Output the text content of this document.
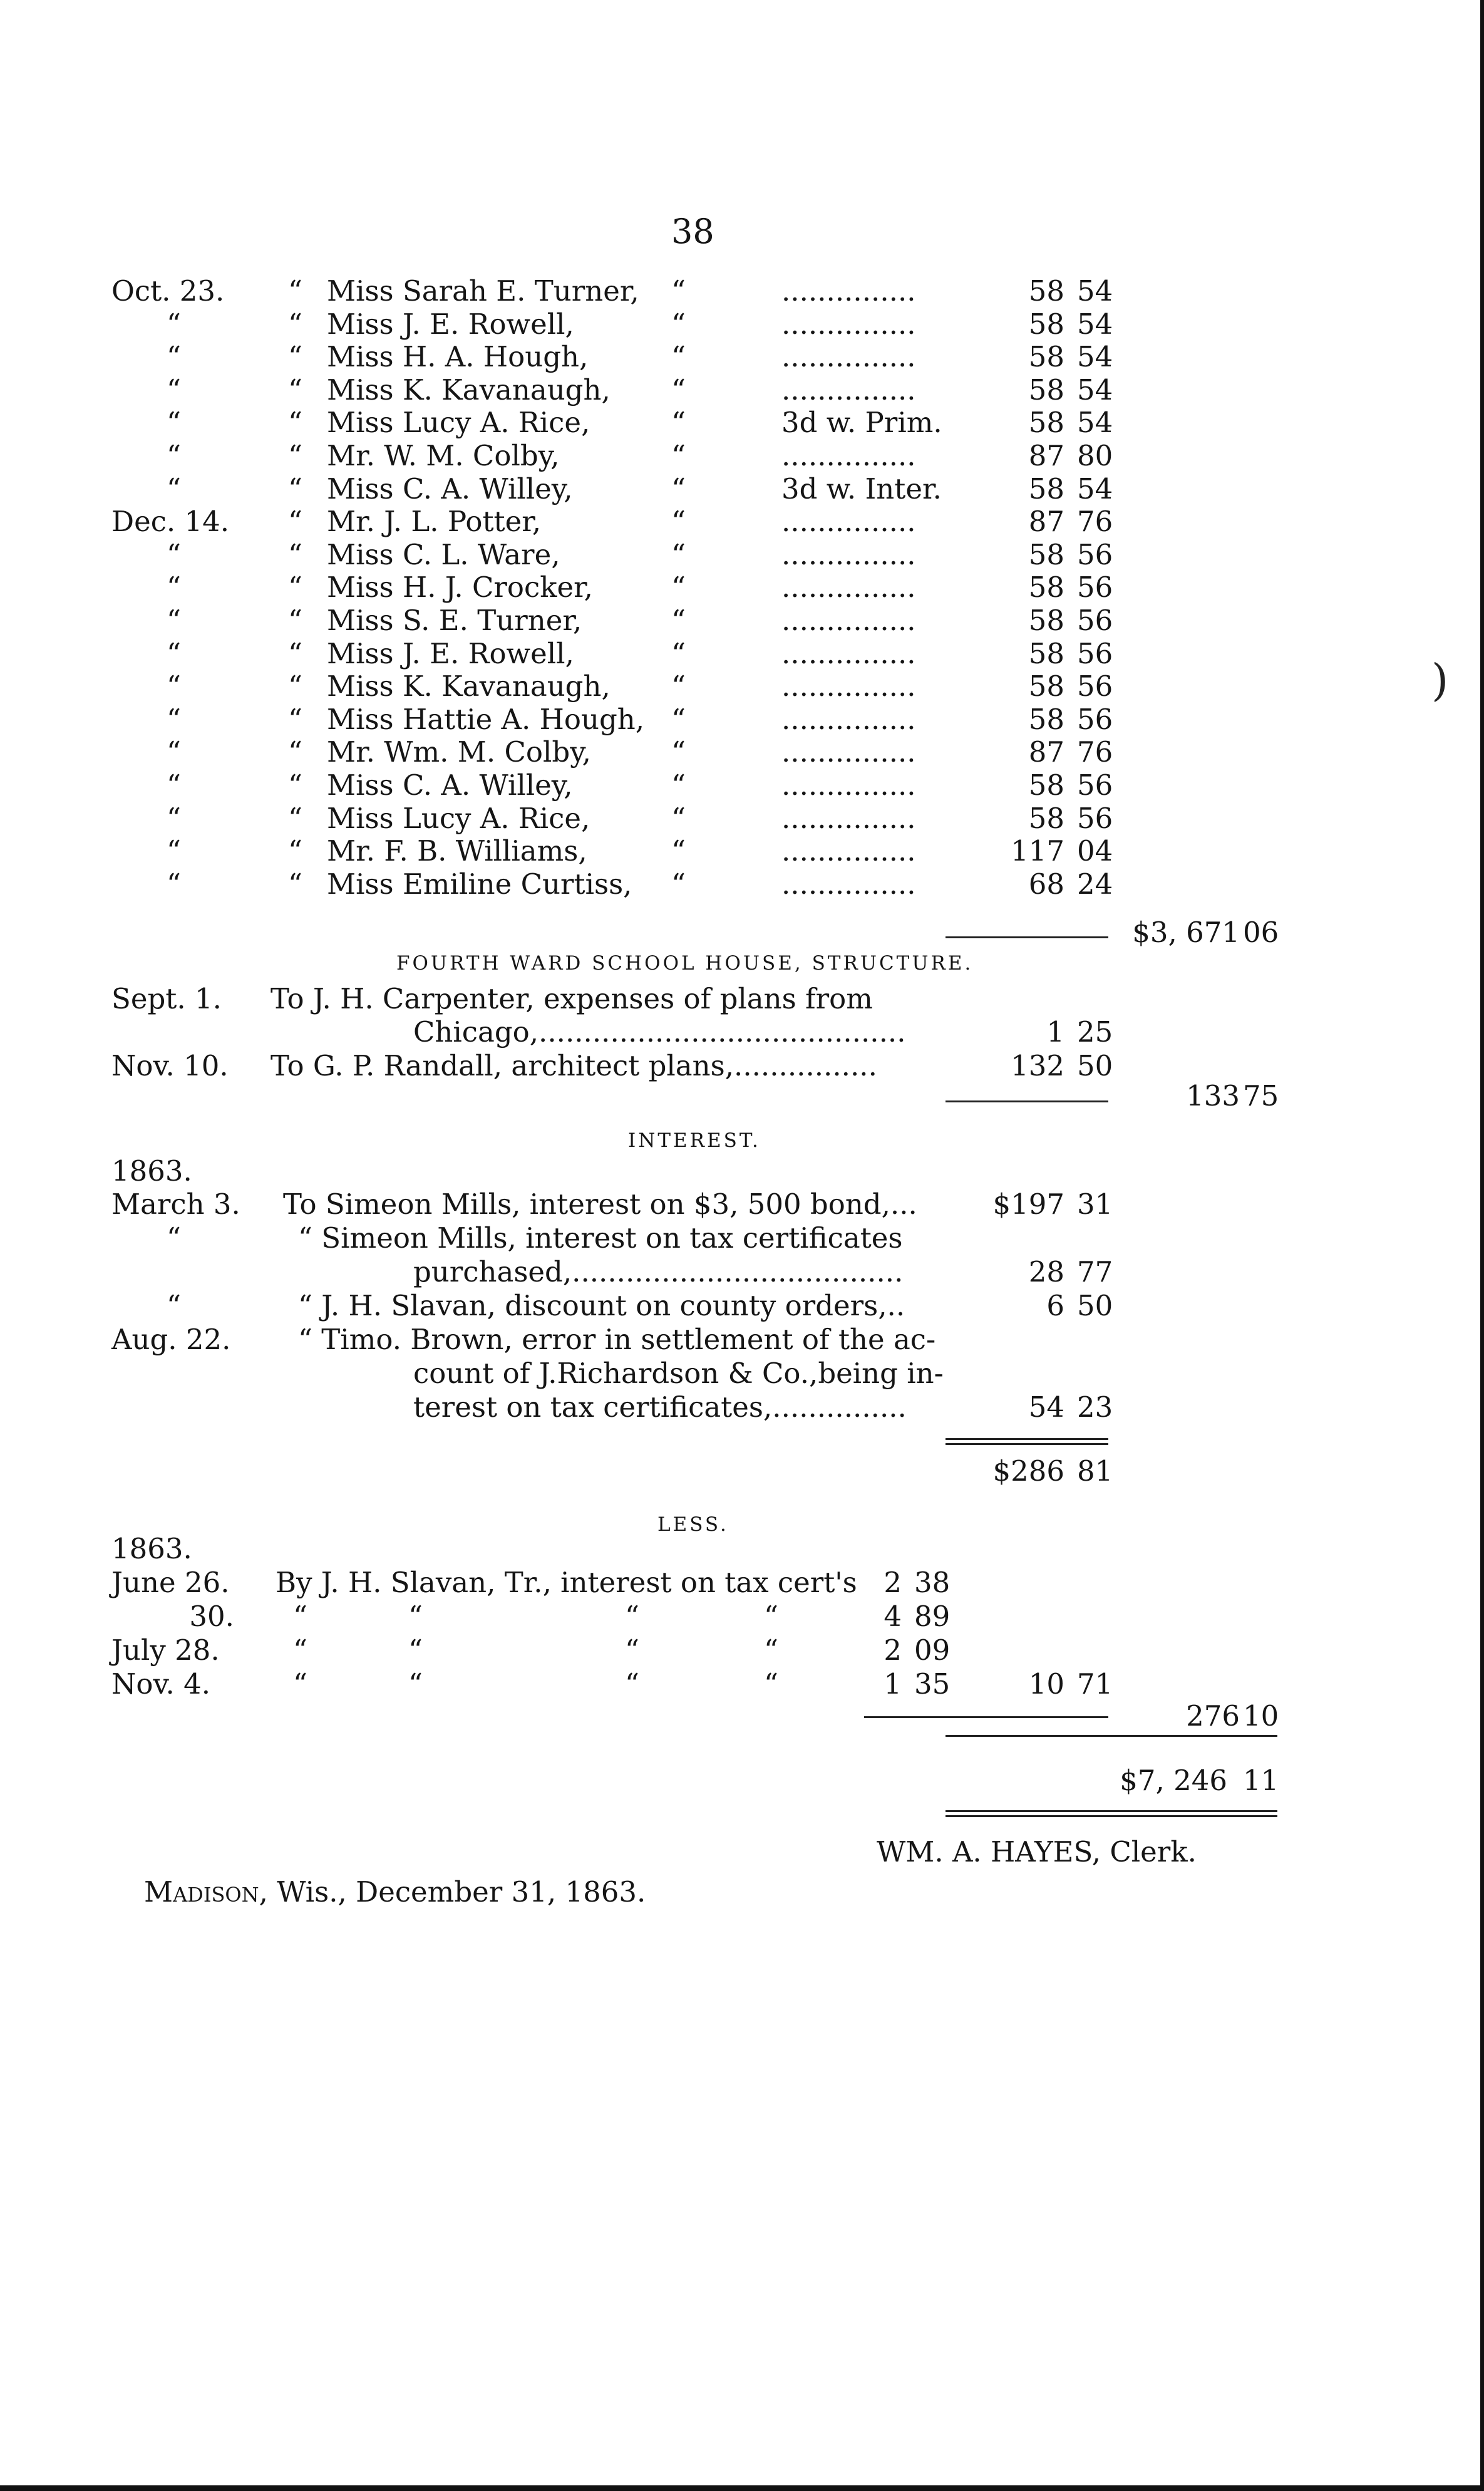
)
38
Oct. 23. “ Miss Sarah E. Turner, “	...............	58 54
“	“ Miss J. E. Rowell,	“	...............	58 54
“	“ Miss H. A. Hough,	“	...............	58 54
“	“ Miss K. Kavanaugh, “	...............	58 54
“	“ Miss Lucy A. Rice,	“	3d w. Prim.	58 54
“	“ Mr. W. M. Colby,	“	...............	87 80
“	“ Miss C. A. Willey,	“	3d w. Inter.	58 54
Dec. 14. “ Mr. J. L. Potter,	“	...............	87 76
“	“ Miss C. L. Ware,	“	...............	58 56
“	“ Miss H. J. Crocker,	“	...............	58 56
“	“ Miss S. E. Turner,	“	...............	58 56
“	“ Miss J. E. Rowell,	“	...............	58 56
“	“ Miss K. Kavanaugh, “	...............	58 56
“	“ Miss Hattie A. Hough, “	...............	58 56
“	“ Mr. Wm. M. Colby,	“	...............	87 76
“	“ Miss C. A. Willey,	“	...............	58 56
“	“ Miss Lucy A. Rice,	“	...............	58 56
“	“ Mr. F. B. Williams,	“	...............	117 04
“	“ Miss Emiline Curtiss, “	...............	68 24
$3, 671 06
FOURTH WARD SCHOOL HOUSE, STRUCTURE.
Sept. 1. To J. H. Carpenter, expenses of plans from
Chicago,.........................................	1 25
Nov. 10. To G. P. Randall, architect plans,................	132 50
133 75
INTEREST.
1863.
March 3. To Simeon Mills, interest on $3, 500 bond,...	$197 31
“	“ Simeon Mills, interest on tax certificates
purchased,.....................................	28 77
“	“ J. H. Slavan, discount on county orders,..	6 50
Aug. 22. “ Timo. Brown, error in settlement of the ac-
count of J.Richardson & Co.,being in-
terest on tax certificates,...............	54 23
$286 81
LESS.
1863.
June 26. By J. H. Slavan, Tr., interest on tax cert's 2 38
30. “	“	“	“	4 89
July 28.	“	“	“	“	2 09
Nov. 4.	“	“	“	“	1 35	10 71
276 10
$7, 246 11
WM. A. HAYES, Clerk.
Madison, Wis., December 31, 1863.
